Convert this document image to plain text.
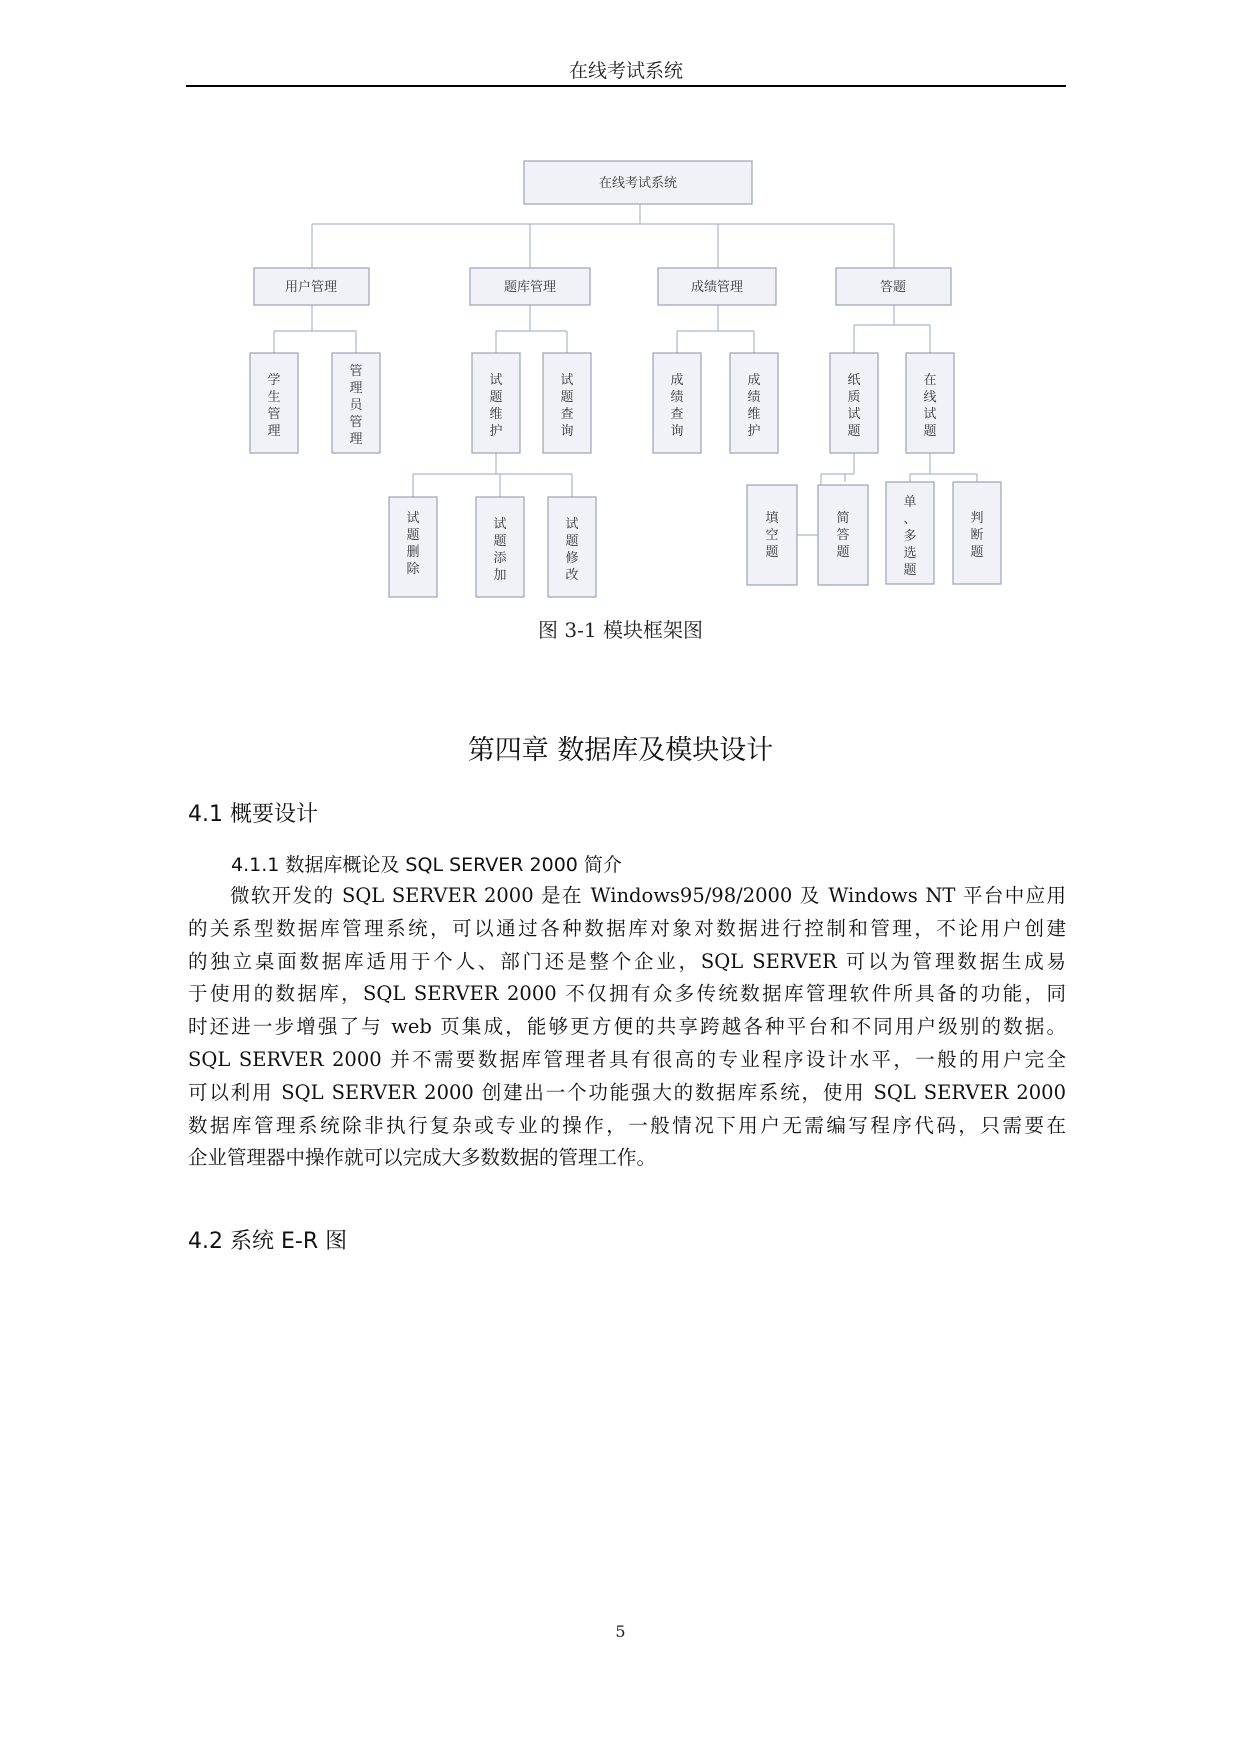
在线考试系统
在线考试系统
用户管理	题库管理	成绩管理	答题
学生管理
管理员管理
试题维护
试题查询
成绩查询
成绩维护
纸质试题
在线试题
试题删除
试题添加
试题修改
填空题
简答题
单、多选题
判断题
图 3-1 模块框架图
第四章 数据库及模块设计
4.1 概要设计
4.1.1 数据库概论及 SQL SERVER 2000 简介
微软开发的 SQL SERVER 2000 是在 Windows95/98/2000 及 Windows NT 平台中应用
的关系型数据库管理系统，可以通过各种数据库对象对数据进行控制和管理，不论用户创建
的独立桌面数据库适用于个人、部门还是整个企业，SQL SERVER 可以为管理数据生成易
于使用的数据库，SQL SERVER 2000 不仅拥有众多传统数据库管理软件所具备的功能，同
时还进一步增强了与 web 页集成，能够更方便的共享跨越各种平台和不同用户级别的数据。
SQL SERVER 2000 并不需要数据库管理者具有很高的专业程序设计水平，一般的用户完全
可以利用 SQL SERVER 2000 创建出一个功能强大的数据库系统，使用 SQL SERVER 2000
数据库管理系统除非执行复杂或专业的操作，一般情况下用户无需编写程序代码，只需要在
企业管理器中操作就可以完成大多数数据的管理工作。
4.2 系统 E-R 图
5
